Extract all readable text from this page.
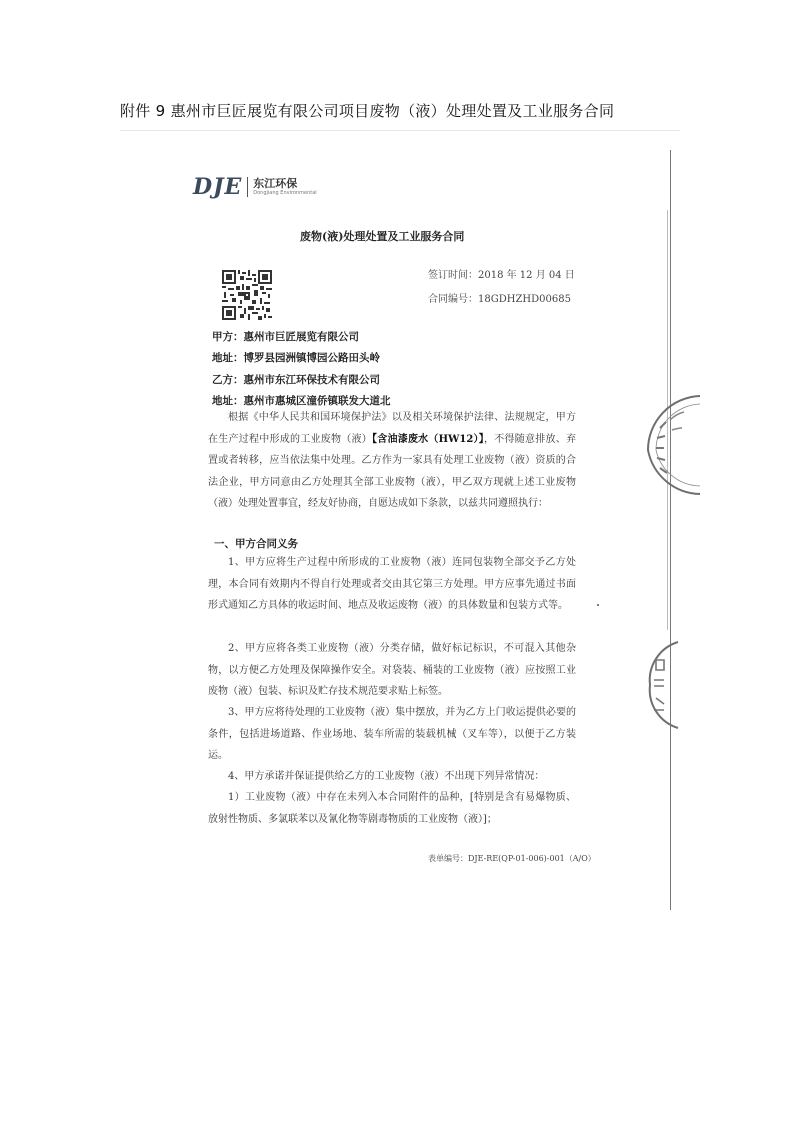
附件 9 惠州市巨匠展览有限公司项目废物（液）处理处置及工业服务合同
DJE 东江环保
Dongjiang Environmental
废物(液)处理处置及工业服务合同
签订时间：2018 年 12 月 04 日
合同编号：18GDHZHD00685
甲方：惠州市巨匠展览有限公司
地址：博罗县园洲镇博园公路田头岭
乙方：惠州市东江环保技术有限公司
地址：惠州市惠城区潼侨镇联发大道北

根据《中华人民共和国环境保护法》以及相关环境保护法律、法规规定，甲方在生产过程中形成的工业废物（液）【含油漆废水（HW12）】，不得随意排放、弃置或者转移，应当依法集中处理。乙方作为一家具有处理工业废物（液）资质的合法企业，甲方同意由乙方处理其全部工业废物（液），甲乙双方现就上述工业废物（液）处理处置事宜，经友好协商，自愿达成如下条款，以兹共同遵照执行：

一、甲方合同义务

1、甲方应将生产过程中所形成的工业废物（液）连同包装物全部交予乙方处理，本合同有效期内不得自行处理或者交由其它第三方处理。甲方应事先通过书面形式通知乙方具体的收运时间、地点及收运废物（液）的具体数量和包装方式等。

2、甲方应将各类工业废物（液）分类存储，做好标记标识，不可混入其他杂物，以方便乙方处理及保障操作安全。对袋装、桶装的工业废物（液）应按照工业废物（液）包装、标识及贮存技术规范要求贴上标签。

3、甲方应将待处理的工业废物（液）集中摆放，并为乙方上门收运提供必要的条件，包括进场道路、作业场地、装车所需的装载机械（叉车等），以便于乙方装运。

4、甲方承诺并保证提供给乙方的工业废物（液）不出现下列异常情况：

1）工业废物（液）中存在未列入本合同附件的品种，[特别是含有易爆物质、放射性物质、多氯联苯以及氰化物等剧毒物质的工业废物（液）]；

表单编号：DJE-RE(QP-01-006)-001（A/O）
